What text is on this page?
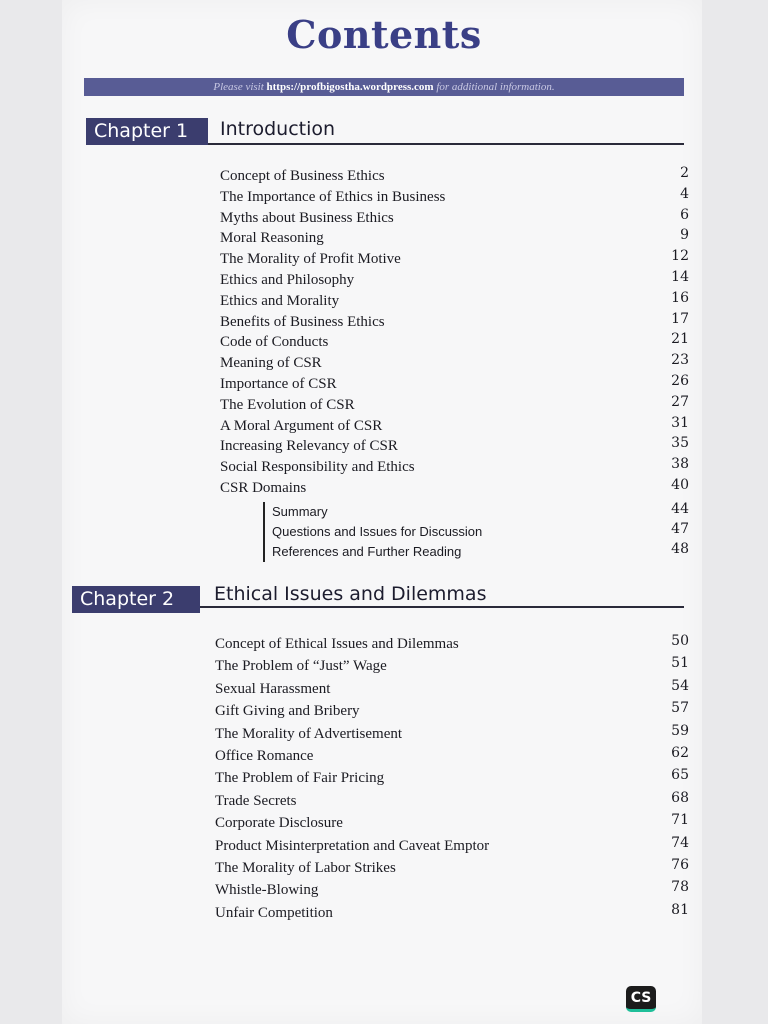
Contents
Please visit https://profbigostha.wordpress.com for additional information.
Chapter 1	Introduction
Concept of Business Ethics	2
The Importance of Ethics in Business	4
Myths about Business Ethics	6
Moral Reasoning	9
The Morality of Profit Motive	12
Ethics and Philosophy	14
Ethics and Morality	16
Benefits of Business Ethics	17
Code of Conducts	21
Meaning of CSR	23
Importance of CSR	26
The Evolution of CSR	27
A Moral Argument of CSR	31
Increasing Relevancy of CSR	35
Social Responsibility and Ethics	38
CSR Domains	40
Summary	44
Questions and Issues for Discussion	47
References and Further Reading	48
Chapter 2	Ethical Issues and Dilemmas
Concept of Ethical Issues and Dilemmas	50
The Problem of “Just” Wage	51
Sexual Harassment	54
Gift Giving and Bribery	57
The Morality of Advertisement	59
Office Romance	62
The Problem of Fair Pricing	65
Trade Secrets	68
Corporate Disclosure	71
Product Misinterpretation and Caveat Emptor	74
The Morality of Labor Strikes	76
Whistle-Blowing	78
Unfair Competition	81
CS
